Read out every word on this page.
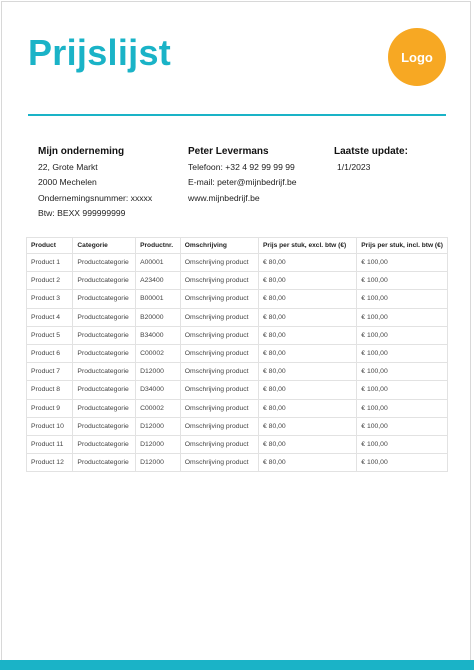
Prijslijst	Logo
Mijn onderneming
22, Grote Markt
2000 Mechelen
Ondernemingsnummer: xxxxx
Btw: BEXX 999999999
Peter Levermans
Telefoon: +32 4 92 99 99 99
E-mail: peter@mijnbedrijf.be
www.mijnbedrijf.be
Laatste update:
1/1/2023
Product	Categorie	Productnr.	Omschrijving	Prijs per stuk, excl. btw (€)	Prijs per stuk, incl. btw (€)
Product 1	Productcategorie	A00001	Omschrijving product	€ 80,00	€ 100,00
Product 2	Productcategorie	A23400	Omschrijving product	€ 80,00	€ 100,00
Product 3	Productcategorie	B00001	Omschrijving product	€ 80,00	€ 100,00
Product 4	Productcategorie	B20000	Omschrijving product	€ 80,00	€ 100,00
Product 5	Productcategorie	B34000	Omschrijving product	€ 80,00	€ 100,00
Product 6	Productcategorie	C00002	Omschrijving product	€ 80,00	€ 100,00
Product 7	Productcategorie	D12000	Omschrijving product	€ 80,00	€ 100,00
Product 8	Productcategorie	D34000	Omschrijving product	€ 80,00	€ 100,00
Product 9	Productcategorie	C00002	Omschrijving product	€ 80,00	€ 100,00
Product 10	Productcategorie	D12000	Omschrijving product	€ 80,00	€ 100,00
Product 11	Productcategorie	D12000	Omschrijving product	€ 80,00	€ 100,00
Product 12	Productcategorie	D12000	Omschrijving product	€ 80,00	€ 100,00
